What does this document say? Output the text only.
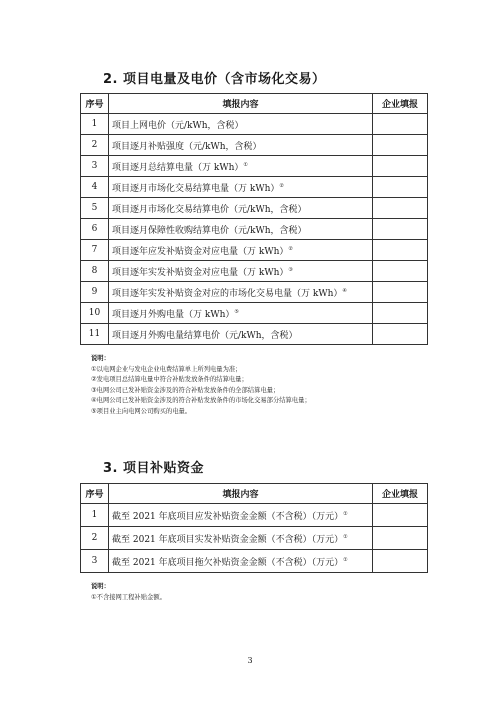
2. 项目电量及电价（含市场化交易）
序号	填报内容	企业填报
1	项目上网电价（元/kWh，含税）	
2	项目逐月补贴强度（元/kWh，含税）	
3	项目逐月总结算电量（万 kWh）①	
4	项目逐月市场化交易结算电量（万 kWh）②	
5	项目逐月市场化交易结算电价（元/kWh，含税）	
6	项目逐月保障性收购结算电价（元/kWh，含税）	
7	项目逐年应发补贴资金对应电量（万 kWh）②	
8	项目逐年实发补贴资金对应电量（万 kWh）③	
9	项目逐年实发补贴资金对应的市场化交易电量（万 kWh）④	
10	项目逐月外购电量（万 kWh）⑤	
11	项目逐月外购电量结算电价（元/kWh，含税）	
说明：
①以电网企业与发电企业电费结算单上所列电量为准；
②发电项目总结算电量中符合补贴发放条件的结算电量；
③电网公司已发补贴资金涉及的符合补贴发放条件的全部结算电量；
④电网公司已发补贴资金涉及的符合补贴发放条件的市场化交易部分结算电量；
⑤项目业主向电网公司购买的电量。
3. 项目补贴资金
序号	填报内容	企业填报
1	截至 2021 年底项目应发补贴资金金额（不含税）（万元）①	
2	截至 2021 年底项目实发补贴资金金额（不含税）（万元）①	
3	截至 2021 年底项目拖欠补贴资金金额（不含税）（万元）①	
说明：
①不含接网工程补贴金额。
3
